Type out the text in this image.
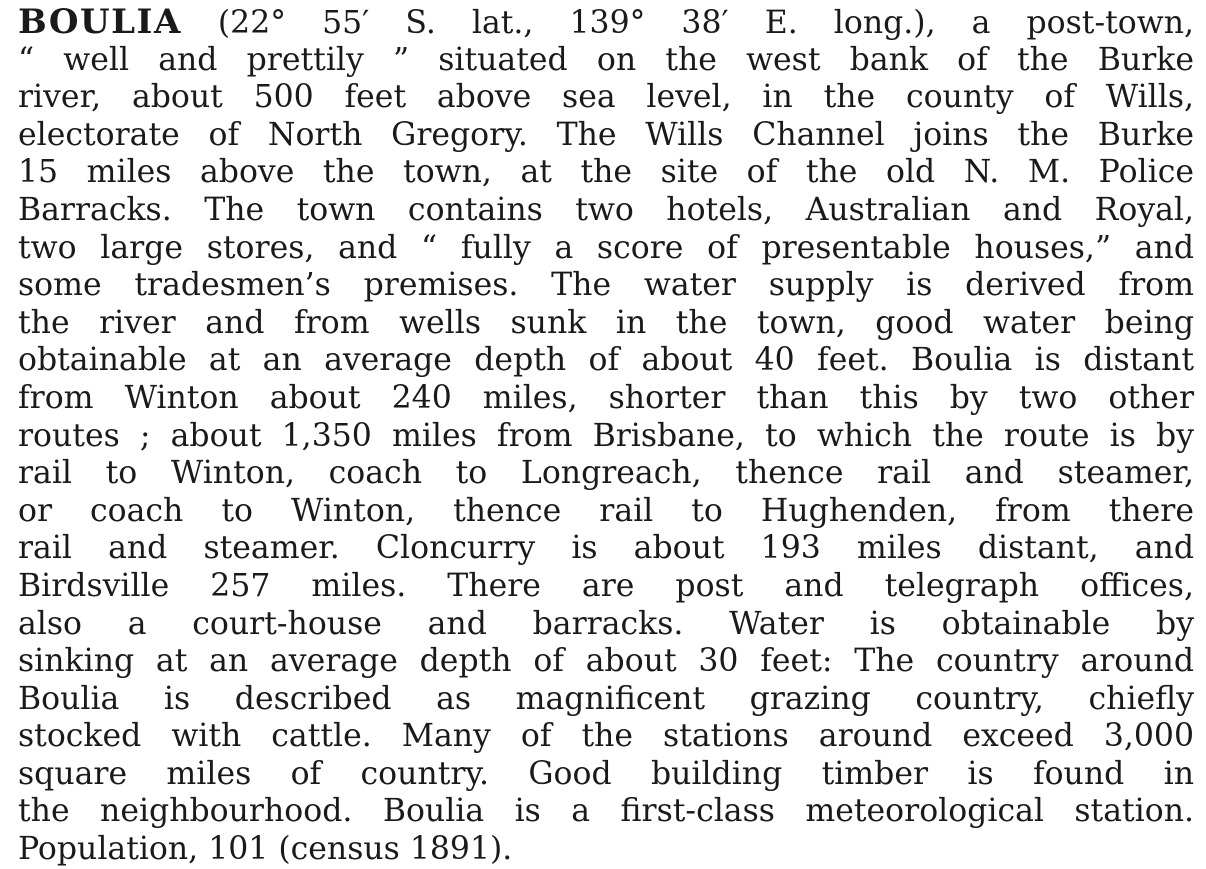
BOULIA (22° 55′ S. lat., 139° 38′ E. long.), a post-town,
“ well and prettily ” situated on the west bank of the Burke
river, about 500 feet above sea level, in the county of Wills,
electorate of North Gregory. The Wills Channel joins the Burke
15 miles above the town, at the site of the old N. M. Police
Barracks. The town contains two hotels, Australian and Royal,
two large stores, and “ fully a score of presentable houses,” and
some tradesmen’s premises. The water supply is derived from
the river and from wells sunk in the town, good water being
obtainable at an average depth of about 40 feet. Boulia is distant
from Winton about 240 miles, shorter than this by two other
routes ; about 1,350 miles from Brisbane, to which the route is by
rail to Winton, coach to Longreach, thence rail and steamer,
or coach to Winton, thence rail to Hughenden, from there
rail and steamer. Cloncurry is about 193 miles distant, and
Birdsville 257 miles. There are post and telegraph offices,
also a court-house and barracks. Water is obtainable by
sinking at an average depth of about 30 feet: The country around
Boulia is described as magnificent grazing country, chiefly
stocked with cattle. Many of the stations around exceed 3,000
square miles of country. Good building timber is found in
the neighbourhood. Boulia is a first-class meteorological station.
Population, 101 (census 1891).
